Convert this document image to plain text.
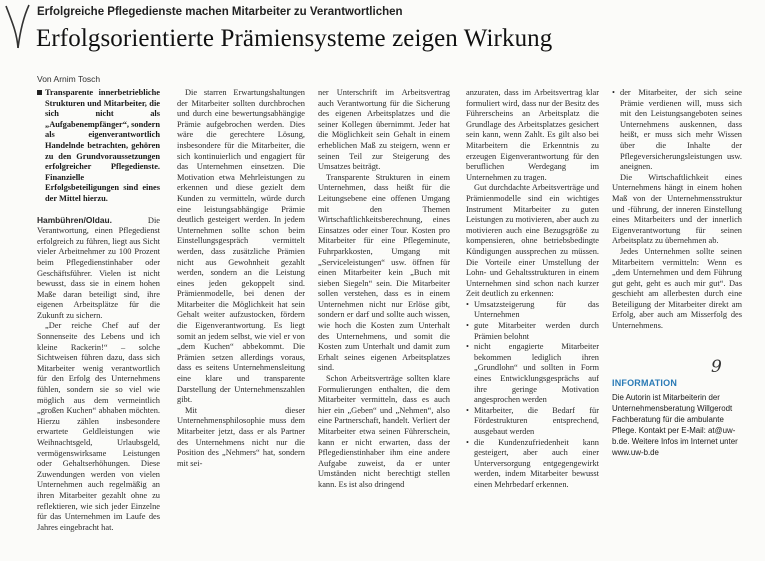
Erfolgreiche Pflegedienste machen Mitarbeiter zu Verantwortlichen
Erfolgsorientierte Prämiensysteme zeigen Wirkung
Von Arnim Tosch
Transparente innerbetriebliche Strukturen und Mitarbeiter, die sich nicht als „Aufgabenempfänger“, sondern als eigenverantwortlich Handelnde betrachten, gehören zu den Grundvoraussetzungen erfolgreicher Pflegedienste. Finanzielle Erfolgsbeteiligungen sind eines der Mittel hierzu.

Hambühren/Oldau.	Die Verantwortung, einen Pflegedienst erfolgreich zu führen, liegt aus Sicht vieler Arbeitnehmer zu 100 Prozent beim Pflegedienstinhaber oder Geschäftsführer. Vielen ist nicht bewusst, dass sie in einem hohen Maße daran beteiligt sind, ihre eigenen Arbeitsplätze für die Zukunft zu sichern.

„Der reiche Chef auf der Sonnenseite des Lebens und ich kleine Rackerin!“ – solche Sichtweisen führen dazu, dass sich Mitarbeiter wenig verantwortlich für den Erfolg des Unternehmens fühlen, sondern sie so viel wie möglich aus dem vermeintlich „großen Kuchen“ abhaben möchten. Hierzu zählen insbesondere erwartete Geldleistungen wie Weihnachtsgeld, Urlaubsgeld, vermögenswirksame Leistungen oder Gehaltserhöhungen. Diese Zuwendungen werden von vielen Unternehmen auch regelmäßig an ihren Mitarbeiter gezahlt ohne zu reflektieren, wie sich jeder Einzelne für das Unternehmen im Laufe des Jahres eingebracht hat.

Die starren Erwartungshaltungen der Mitarbeiter sollten durchbrochen und durch eine bewertungsabhängige Prämie aufgebrochen werden. Dies wäre die gerechtere Lösung, insbesondere für die Mitarbeiter, die sich kontinuierlich und engagiert für das Unternehmen einsetzen. Die Motivation etwa Mehrleistungen zu erkennen und diese gezielt dem Kunden zu vermitteln, würde durch eine leistungsabhängige Prämie deutlich gesteigert werden. In jedem Unternehmen sollte schon beim Einstellungsgespräch vermittelt werden, dass zusätzliche Prämien nicht aus Gewohnheit gezahlt werden, sondern an die Leistung eines jeden gekoppelt sind. Prämienmodelle, bei denen der Mitarbeiter die Möglichkeit hat sein Gehalt weiter aufzustocken, fördern die Eigenverantwortung. Es liegt somit an jedem selbst, wie viel er von „dem Kuchen“ abbekommt. Die Prämien setzen allerdings voraus, dass es seitens Unternehmensleitung eine klare und transparente Darstellung der Unternehmenszahlen gibt.

Mit dieser Unternehmensphilosophie muss dem Mitarbeiter jetzt, dass er als Partner des Unternehmens nicht nur die Position des „Nehmers“ hat, sondern mit sei-

ner Unterschrift im Arbeitsvertrag auch Verantwortung für die Sicherung des eigenen Arbeitsplatzes und die seiner Kollegen übernimmt. Jeder hat die Möglichkeit sein Gehalt in einem erheblichen Maß zu steigern, wenn er seinen Teil zur Steigerung des Umsatzes beiträgt.

Transparente Strukturen in einem Unternehmen, dass heißt für die Leitungsebene eine offenen Umgang mit den Themen Wirtschaftlichkeitsberechnung, eines Einsatzes oder einer Tour. Kosten pro Mitarbeiter für eine Pflegeminute, Fuhrparkkosten, Umgang mit „Serviceleistungen“ usw. öffnen für einen Mitarbeiter kein „Buch mit sieben Siegeln“ sein. Die Mitarbeiter sollen verstehen, dass es in einem Unternehmen nicht nur Erlöse gibt, sondern er darf und sollte auch wissen, wie hoch die Kosten zum Unterhalt des Unternehmens, und somit die Kosten zum Unterhalt und damit zum Erhalt seines eigenen Arbeitsplatzes sind.

Schon Arbeitsverträge sollten klare Formulierungen enthalten, die dem Mitarbeiter vermitteln, dass es auch hier ein „Geben“ und „Nehmen“, also eine Partnerschaft, handelt. Verliert der Mitarbeiter etwa seinen Führerschein, kann er nicht erwarten, dass der Pflegedienstinhaber ihm eine andere Aufgabe zuweist, da er unter Umständen nicht berechtigt stellen kann. Es ist also dringend

anzuraten, dass im Arbeitsvertrag klar formuliert wird, dass nur der Besitz des Führerscheins an Arbeitsplatz die Grundlage des Arbeitsplatzes gesichert sein kann, wenn Zahlt. Es gilt also bei Mitarbeitern die Erkenntnis zu erzeugen Eigenverantwortung für den beruflichen Werdegang im Unternehmen zu tragen.

Gut durchdachte Arbeitsverträge und Prämienmodelle sind ein wichtiges Instrument Mitarbeiter zu guten Leistungen zu motivieren, aber auch zu motivieren auch eine Bezugsgröße zu kompensieren, ohne betriebsbedingte Kündigungen aussprechen zu müssen. Die Vorteile einer Umstellung der Lohn- und Gehaltsstrukturen in einem Unternehmen sind schon nach kurzer Zeit deutlich zu erkennen:

• Umsatzsteigerung für das Unternehmen
• gute Mitarbeiter werden durch Prämien belohnt
• nicht engagierte Mitarbeiter bekommen lediglich ihren „Grundlohn“ und sollten in Form eines Entwicklungsgesprächs auf ihre geringe Motivation angesprochen werden
• Mitarbeiter, die Bedarf für Fördestrukturen entsprechend, ausgebaut werden
• die Kundenzufriedenheit kann gesteigert, aber auch einer Unterversorgung entgegengewirkt werden, indem Mitarbeiter bewusst einen Mehrbedarf erkennen.
• der Mitarbeiter, der sich seine Prämie verdienen will, muss sich mit den Leistungsangeboten seines Unternehmens auskennen, dass heißt, er muss sich mehr Wissen über die Inhalte der Pflegeversicherungsleistungen usw. aneignen.

Die Wirtschaftlichkeit eines Unternehmens hängt in einem hohen Maß von der Unternehmensstruktur und -führung, der inneren Einstellung eines Mitarbeiters und der innerlich Eigenverantwortung für seinen Arbeitsplatz zu übernehmen ab.

Jedes Unternehmen sollte seinen Mitarbeitern vermitteln: Wenn es „dem Unternehmen und dem Führung gut geht, geht es auch mir gut“. Das geschieht am allerbesten durch eine Beteiligung der Mitarbeiter direkt am Erfolg, aber auch am Misserfolg des Unternehmens.

9
INFORMATION
Die Autorin ist Mitarbeiterin der Unternehmensberatung Willgerodt Fachberatung für die ambulante Pflege. Kontakt per E-Mail: at@uw-b.de. Weitere Infos im Internet unter www.uw-b.de
